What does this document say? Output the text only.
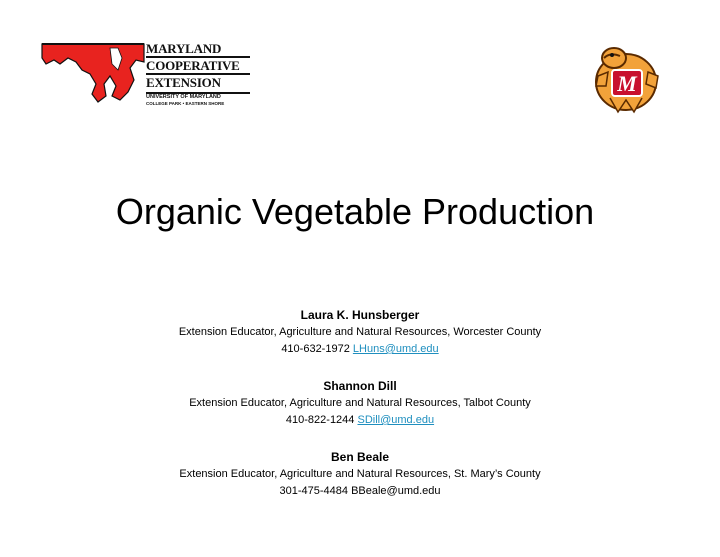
MARYLAND
COOPERATIVE
EXTENSION
UNIVERSITY OF MARYLAND
COLLEGE PARK • EASTERN SHORE
M
Organic Vegetable Production
Laura K. Hunsberger
Extension Educator, Agriculture and Natural Resources, Worcester County
410-632-1972 LHuns@umd.edu
Shannon Dill
Extension Educator, Agriculture and Natural Resources, Talbot County
410-822-1244 SDill@umd.edu
Ben Beale
Extension Educator, Agriculture and Natural Resources, St. Mary’s County
301-475-4484 BBeale@umd.edu
